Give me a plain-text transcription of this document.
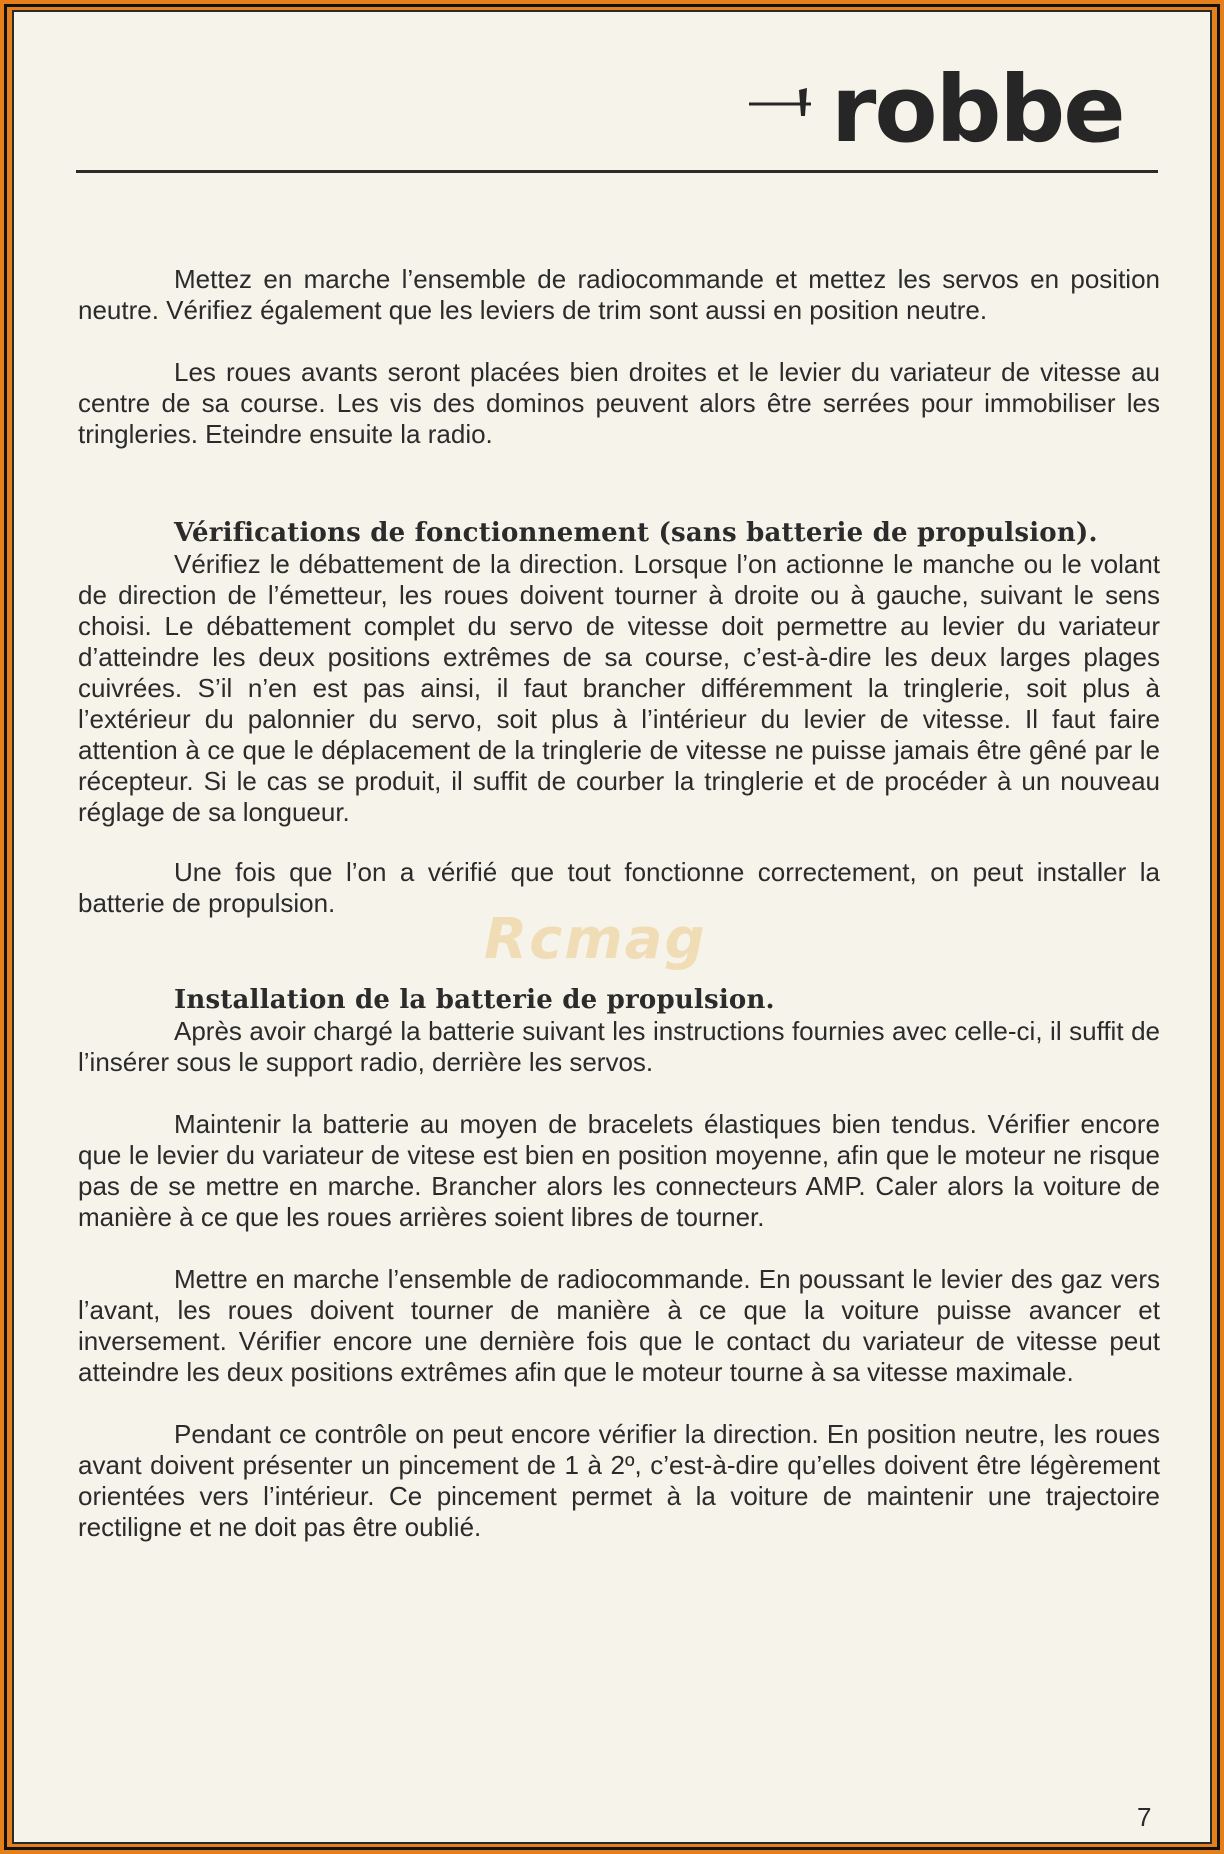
robbe
Rcmag

Mettez en marche l’ensemble de radiocommande et mettez les servos en position neutre. Vérifiez également que les leviers de trim sont aussi en position neutre.

Les roues avants seront placées bien droites et le levier du variateur de vitesse au centre de sa course. Les vis des dominos peuvent alors être serrées pour immobiliser les tringleries. Eteindre ensuite la radio.

Vérifications de fonctionnement (sans batterie de propulsion).

Vérifiez le débattement de la direction. Lorsque l’on actionne le manche ou le volant de direction de l’émetteur, les roues doivent tourner à droite ou à gauche, suivant le sens choisi. Le débattement complet du servo de vitesse doit permettre au levier du variateur d’atteindre les deux positions extrêmes de sa course, c’est-à-dire les deux larges plages cuivrées. S’il n’en est pas ainsi, il faut brancher différemment la tringlerie, soit plus à l’extérieur du palonnier du servo, soit plus à l’intérieur du levier de vitesse. Il faut faire attention à ce que le déplacement de la tringlerie de vitesse ne puisse jamais être gêné par le récepteur. Si le cas se produit, il suffit de courber la tringlerie et de procéder à un nouveau réglage de sa longueur.

Une fois que l’on a vérifié que tout fonctionne correctement, on peut installer la batterie de propulsion.

Installation de la batterie de propulsion.

Après avoir chargé la batterie suivant les instructions fournies avec celle-ci, il suffit de l’insérer sous le support radio, derrière les servos.

Maintenir la batterie au moyen de bracelets élastiques bien tendus. Vérifier encore que le levier du variateur de vitese est bien en position moyenne, afin que le moteur ne risque pas de se mettre en marche. Brancher alors les connecteurs AMP. Caler alors la voiture de manière à ce que les roues arrières soient libres de tourner.

Mettre en marche l’ensemble de radiocommande. En poussant le levier des gaz vers l’avant, les roues doivent tourner de manière à ce que la voiture puisse avancer et inversement. Vérifier encore une dernière fois que le contact du variateur de vitesse peut atteindre les deux positions extrêmes afin que le moteur tourne à sa vitesse maximale.

Pendant ce contrôle on peut encore vérifier la direction. En position neutre, les roues avant doivent présenter un pincement de 1 à 2º, c’est-à-dire qu’elles doivent être légèrement orientées vers l’intérieur. Ce pincement permet à la voiture de maintenir une trajectoire rectiligne et ne doit pas être oublié.

7
